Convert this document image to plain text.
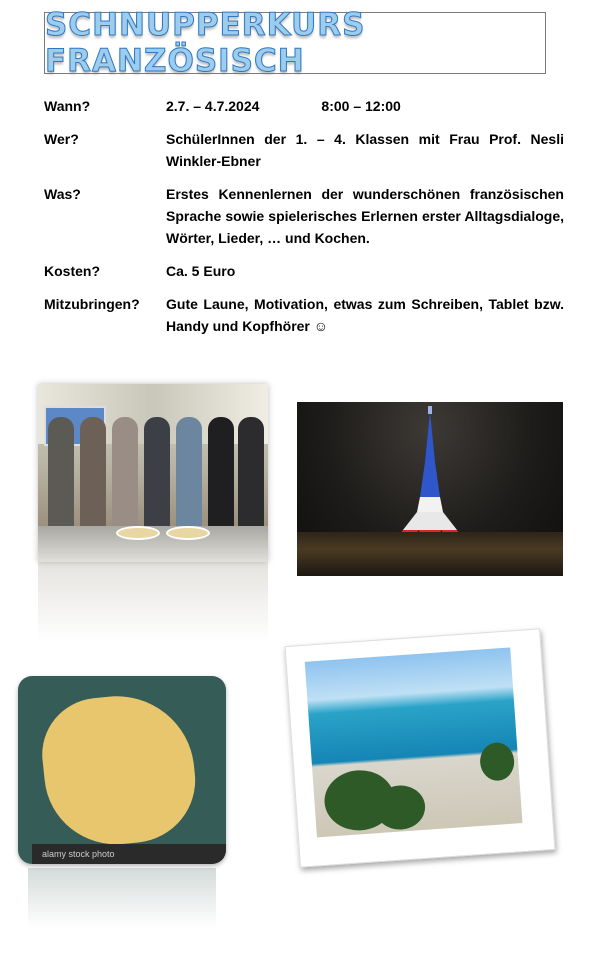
SCHNUPPERKURS FRANZÖSISCH
Wann?	2.7. – 4.7.2024	8:00 – 12:00
Wer?	SchülerInnen der 1. – 4. Klassen mit Frau Prof. Nesli Winkler-Ebner
Was?	Erstes Kennenlernen der wunderschönen französischen Sprache sowie spielerisches Erlernen erster Alltagsdialoge, Wörter, Lieder, … und Kochen.
Kosten?	Ca. 5 Euro
Mitzubringen?	Gute Laune, Motivation, etwas zum Schreiben, Tablet bzw. Handy und Kopfhörer ☺
alamy stock photo
